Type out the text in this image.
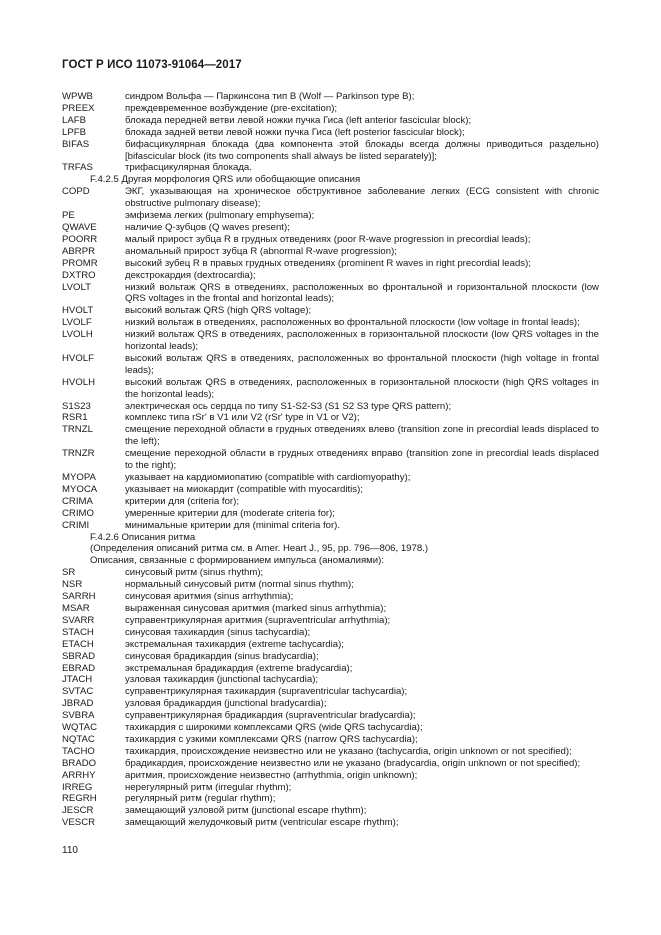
ГОСТ Р ИСО 11073-91064—2017
WPWB	синдром Вольфа — Паркинсона тип В (Wolf — Parkinson type B);
PREEX	преждевременное возбуждение (pre-excitation);
LAFB	блокада передней ветви левой ножки пучка Гиса (left anterior fascicular block);
LPFB	блокада задней ветви левой ножки пучка Гиса (left posterior fascicular block);
BIFAS	бифасцикулярная блокада (два компонента этой блокады всегда должны приводиться раздельно) [bifascicular block (its two components shall always be listed separately)];
TRFAS	трифасцикулярная блокада.
F.4.2.5 Другая морфология QRS или обобщающие описания
COPD	ЭКГ, указывающая на хроническое обструктивное заболевание легких (ECG consistent with chronic obstructive pulmonary disease);
PE	эмфизема легких (pulmonary emphysema);
QWAVE	наличие Q-зубцов (Q waves present);
POORR	малый прирост зубца R в грудных отведениях (poor R-wave progression in precordial leads);
ABRPR	аномальный прирост зубца R (abnormal R-wave progression);
PROMR	высокий зубец R в правых грудных отведениях (prominent R waves in right precordial leads);
DXTRO	декстрокардия (dextrocardia);
LVOLT	низкий вольтаж QRS в отведениях, расположенных во фронтальной и горизонтальной плоскости (low QRS voltages in the frontal and horizontal leads);
HVOLT	высокий вольтаж QRS (high QRS voltage);
LVOLF	низкий вольтаж в отведениях, расположенных во фронтальной плоскости (low voltage in frontal leads);
LVOLH	низкий вольтаж QRS в отведениях, расположенных в горизонтальной плоскости (low QRS voltages in the horizontal leads);
HVOLF	высокий вольтаж QRS в отведениях, расположенных во фронтальной плоскости (high voltage in frontal leads);
HVOLH	высокий вольтаж QRS в отведениях, расположенных в горизонтальной плоскости (high QRS voltages in the horizontal leads);
S1S23	электрическая ось сердца по типу S1-S2-S3 (S1 S2 S3 type QRS pattern);
RSR1	комплекс типа rSr' в V1 или V2 (rSr' type in V1 or V2);
TRNZL	смещение переходной области в грудных отведениях влево (transition zone in precordial leads displaced to the left);
TRNZR	смещение переходной области в грудных отведениях вправо (transition zone in precordial leads displaced to the right);
MYOPA	указывает на кардиомиопатию (compatible with cardiomyopathy);
MYOCA	указывает на миокардит (compatible with myocarditis);
CRIMA	критерии для (criteria for);
CRIMO	умеренные критерии для (moderate criteria for);
CRIMI	минимальные критерии для (minimal criteria for).
F.4.2.6 Описания ритма
(Определения описаний ритма см. в Amer. Heart J., 95, pp. 796—806, 1978.)
Описания, связанные с формированием импульса (аномалиями):
SR	синусовый ритм (sinus rhythm);
NSR	нормальный синусовый ритм (normal sinus rhythm);
SARRH	синусовая аритмия (sinus arrhythmia);
MSAR	выраженная синусовая аритмия (marked sinus arrhythmia);
SVARR	суправентрикулярная аритмия (supraventricular arrhythmia);
STACH	синусовая тахикардия (sinus tachycardia);
ETACH	экстремальная тахикардия (extreme tachycardia);
SBRAD	синусовая брадикардия (sinus bradycardia);
EBRAD	экстремальная брадикардия (extreme bradycardia);
JTACH	узловая тахикардия (junctional tachycardia);
SVTAC	суправентрикулярная тахикардия (supraventricular tachycardia);
JBRAD	узловая брадикардия (junctional bradycardia);
SVBRA	суправентрикулярная брадикардия (supraventricular bradycardia);
WQTAC	тахикардия с широкими комплексами QRS (wide QRS tachycardia);
NQTAC	тахикардия с узкими комплексами QRS (narrow QRS tachycardia);
TACHO	тахикардия, происхождение неизвестно или не указано (tachycardia, origin unknown or not specified);
BRADO	брадикардия, происхождение неизвестно или не указано (bradycardia, origin unknown or not specified);
ARRHY	аритмия, происхождение неизвестно (arrhythmia, origin unknown);
IRREG	нерегулярный ритм (irregular rhythm);
REGRH	регулярный ритм (regular rhythm);
JESCR	замещающий узловой ритм (junctional escape rhythm);
VESCR	замещающий желудочковый ритм (ventricular escape rhythm);
110
